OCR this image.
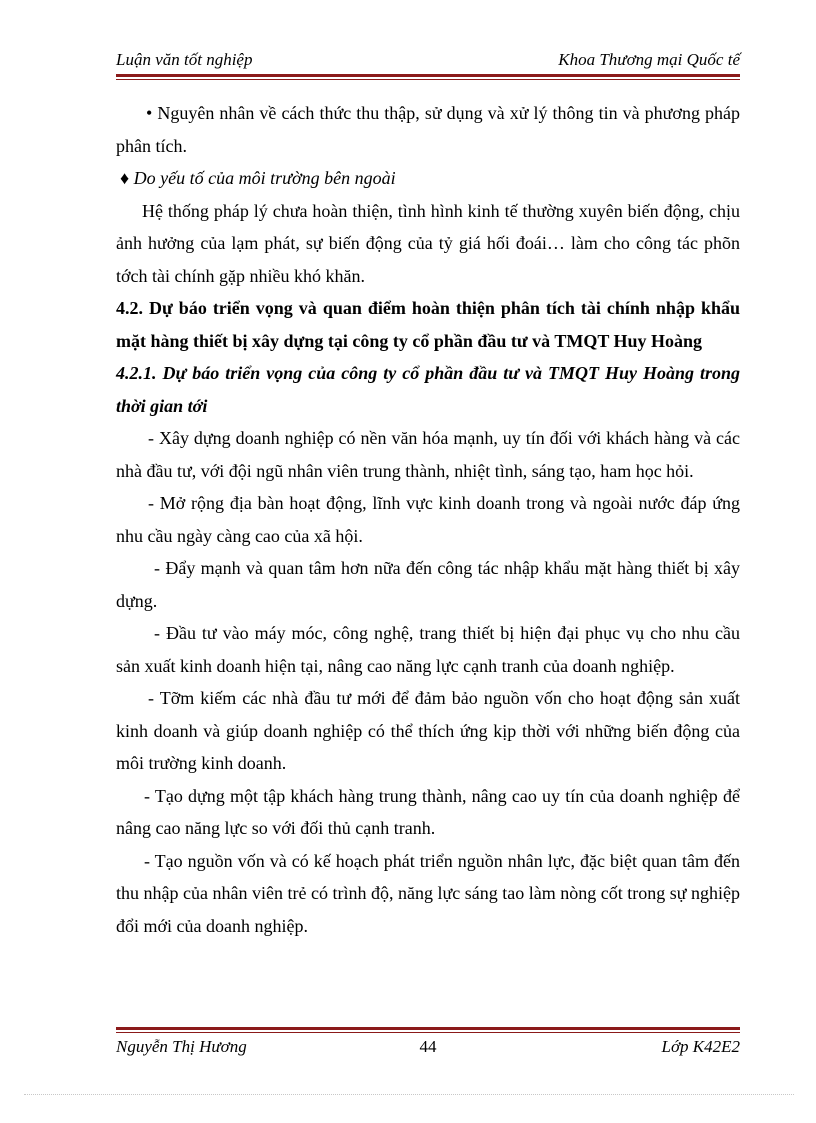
Luận văn tốt nghiệp	Khoa Thương mại Quốc tế

• Nguyên nhân về cách thức thu thập, sử dụng và xử lý thông tin và phương pháp phân tích.

♦ Do yếu tố của môi trường bên ngoài

Hệ thống pháp lý chưa hoàn thiện, tình hình kinh tế thường xuyên biến động, chịu ảnh hưởng của lạm phát, sự biến động của tỷ giá hối đoái… làm cho công tác phõn tớch tài chính gặp nhiều khó khăn.

4.2. Dự báo triển vọng và quan điểm hoàn thiện phân tích tài chính nhập khẩu mặt hàng thiết bị xây dựng tại công ty cổ phần đầu tư và TMQT Huy Hoàng

4.2.1. Dự báo triển vọng của công ty cổ phần đầu tư và TMQT Huy Hoàng trong thời gian tới

- Xây dựng doanh nghiệp có nền văn hóa mạnh, uy tín đối với khách hàng và các nhà đầu tư, với đội ngũ nhân viên trung thành, nhiệt tình, sáng tạo, ham học hỏi.

- Mở rộng địa bàn hoạt động, lĩnh vực kinh doanh trong và ngoài nước đáp ứng nhu cầu ngày càng cao của xã hội.

- Đẩy mạnh và quan tâm hơn nữa đến công tác nhập khẩu mặt hàng thiết bị xây dựng.

- Đầu tư vào máy móc, công nghệ, trang thiết bị hiện đại phục vụ cho nhu cầu sản xuất kinh doanh hiện tại, nâng cao năng lực cạnh tranh của doanh nghiệp.

- Tỡm kiếm các nhà đầu tư mới để đảm bảo nguồn vốn cho hoạt động sản xuất kinh doanh và giúp doanh nghiệp có thể thích ứng kịp thời với những biến động của môi trường kinh doanh.

- Tạo dựng một tập khách hàng trung thành, nâng cao uy tín của doanh nghiệp để nâng cao năng lực so với đối thủ cạnh tranh.

- Tạo nguồn vốn và có kế hoạch phát triển nguồn nhân lực, đặc biệt quan tâm đến thu nhập của nhân viên trẻ có trình độ, năng lực sáng tao làm nòng cốt trong sự nghiệp đổi mới của doanh nghiệp.

Nguyễn Thị Hương	44	Lớp K42E2
